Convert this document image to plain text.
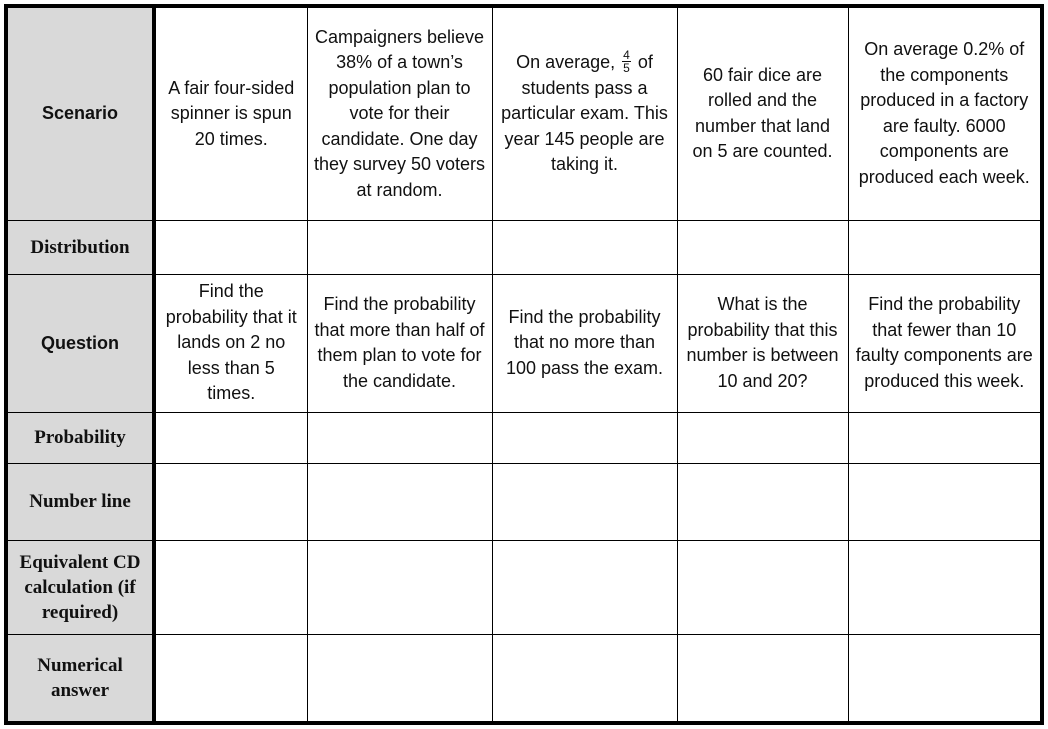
Scenario	A fair four-sided spinner is spun 20 times.	Campaigners believe 38% of a town’s population plan to vote for their candidate. One day they survey 50 voters at random.	On average, $\frac{4}{5}$ of students pass a particular exam. This year 145 people are taking it.	60 fair dice are rolled and the number that land on 5 are counted.	On average 0.2% of the components produced in a factory are faulty. 6000 components are produced each week.

Distribution					
Question	Find the probability that it lands on 2 no less than 5 times.	Find the probability that more than half of them plan to vote for the candidate.	Find the probability that no more than 100 pass the exam.	What is the probability that this number is between 10 and 20?	Find the probability that fewer than 10 faulty components are produced this week.

Probability					
Number line					
Equivalent CD calculation (if required)					
Numerical answer					
